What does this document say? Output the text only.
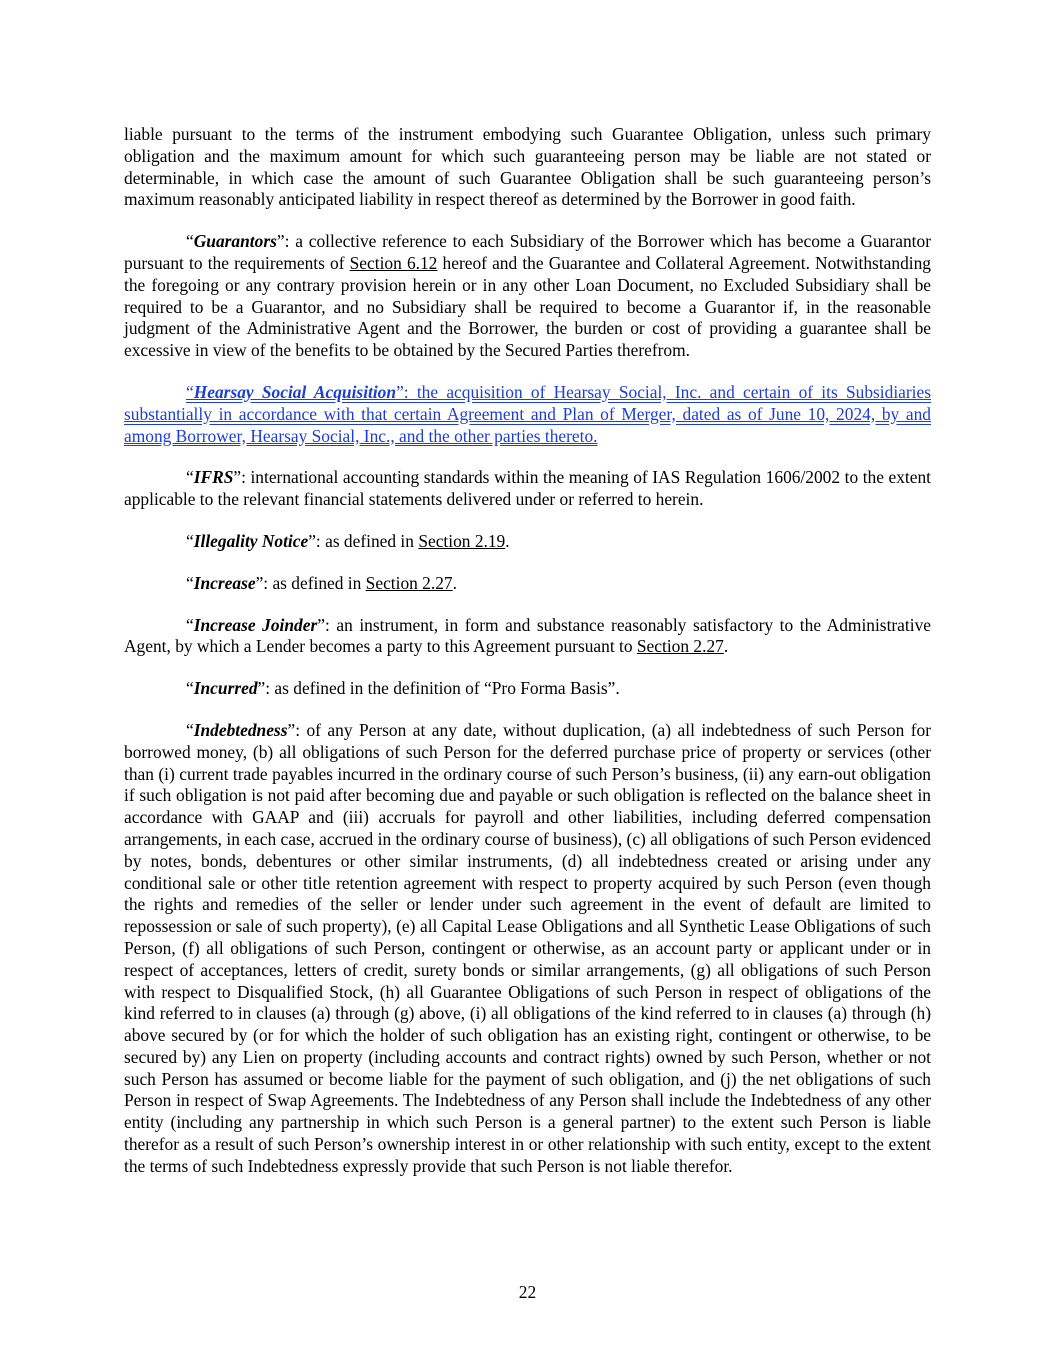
liable pursuant to the terms of the instrument embodying such Guarantee Obligation, unless such primary obligation and the maximum amount for which such guaranteeing person may be liable are not stated or determinable, in which case the amount of such Guarantee Obligation shall be such guaranteeing person’s maximum reasonably anticipated liability in respect thereof as determined by the Borrower in good faith.

“Guarantors”: a collective reference to each Subsidiary of the Borrower which has become a Guarantor pursuant to the requirements of Section 6.12 hereof and the Guarantee and Collateral Agreement. Notwithstanding the foregoing or any contrary provision herein or in any other Loan Document, no Excluded Subsidiary shall be required to be a Guarantor, and no Subsidiary shall be required to become a Guarantor if, in the reasonable judgment of the Administrative Agent and the Borrower, the burden or cost of providing a guarantee shall be excessive in view of the benefits to be obtained by the Secured Parties therefrom.

“Hearsay Social Acquisition”: the acquisition of Hearsay Social, Inc. and certain of its Subsidiaries substantially in accordance with that certain Agreement and Plan of Merger, dated as of June 10, 2024, by and among Borrower, Hearsay Social, Inc., and the other parties thereto.

“IFRS”: international accounting standards within the meaning of IAS Regulation 1606/2002 to the extent applicable to the relevant financial statements delivered under or referred to herein.

“Illegality Notice”: as defined in Section 2.19.

“Increase”: as defined in Section 2.27.

“Increase Joinder”: an instrument, in form and substance reasonably satisfactory to the Administrative Agent, by which a Lender becomes a party to this Agreement pursuant to Section 2.27.

“Incurred”: as defined in the definition of “Pro Forma Basis”.

“Indebtedness”: of any Person at any date, without duplication, (a) all indebtedness of such Person for borrowed money, (b) all obligations of such Person for the deferred purchase price of property or services (other than (i) current trade payables incurred in the ordinary course of such Person’s business, (ii) any earn-out obligation if such obligation is not paid after becoming due and payable or such obligation is reflected on the balance sheet in accordance with GAAP and (iii) accruals for payroll and other liabilities, including deferred compensation arrangements, in each case, accrued in the ordinary course of business), (c) all obligations of such Person evidenced by notes, bonds, debentures or other similar instruments, (d) all indebtedness created or arising under any conditional sale or other title retention agreement with respect to property acquired by such Person (even though the rights and remedies of the seller or lender under such agreement in the event of default are limited to repossession or sale of such property), (e) all Capital Lease Obligations and all Synthetic Lease Obligations of such Person, (f) all obligations of such Person, contingent or otherwise, as an account party or applicant under or in respect of acceptances, letters of credit, surety bonds or similar arrangements, (g) all obligations of such Person with respect to Disqualified Stock, (h) all Guarantee Obligations of such Person in respect of obligations of the kind referred to in clauses (a) through (g) above, (i) all obligations of the kind referred to in clauses (a) through (h) above secured by (or for which the holder of such obligation has an existing right, contingent or otherwise, to be secured by) any Lien on property (including accounts and contract rights) owned by such Person, whether or not such Person has assumed or become liable for the payment of such obligation, and (j) the net obligations of such Person in respect of Swap Agreements. The Indebtedness of any Person shall include the Indebtedness of any other entity (including any partnership in which such Person is a general partner) to the extent such Person is liable therefor as a result of such Person’s ownership interest in or other relationship with such entity, except to the extent the terms of such Indebtedness expressly provide that such Person is not liable therefor.

22
